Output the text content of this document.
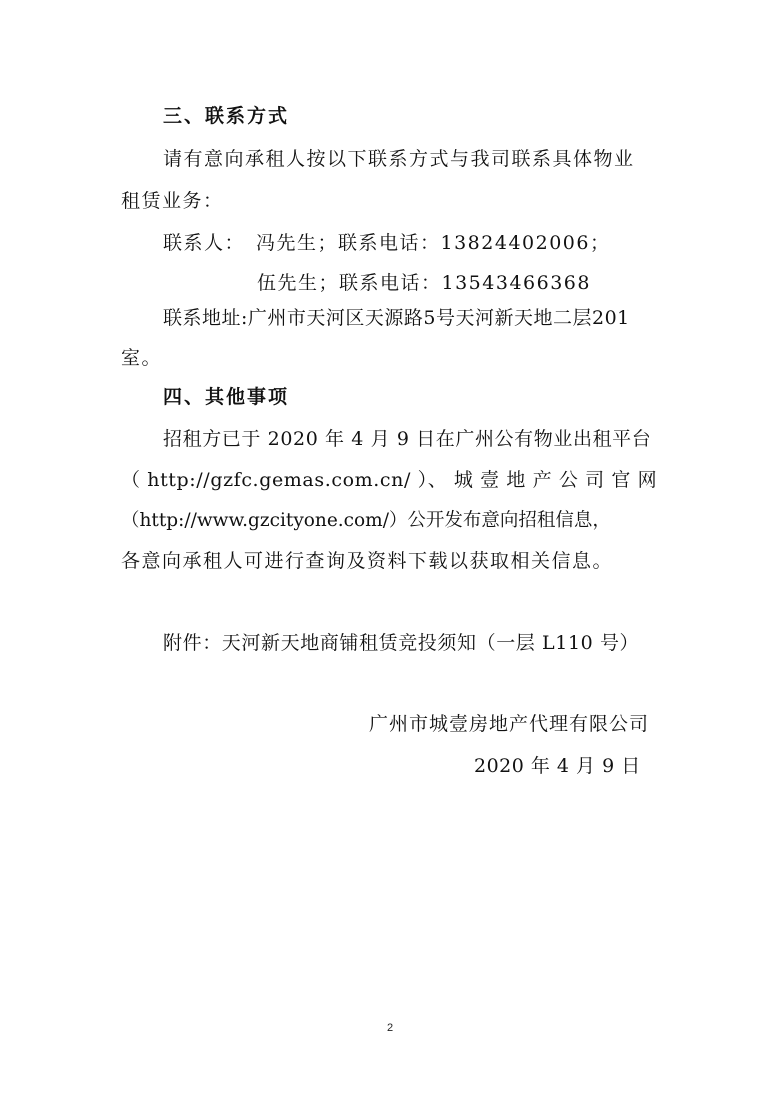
三、联系方式
请有意向承租人按以下联系方式与我司联系具体物业
租赁业务：
联系人：　冯先生；联系电话：13824402006；
伍先生；联系电话：13543466368
联系地址:广州市天河区天源路5号天河新天地二层201
室。
四、其他事项
招租方已于 2020 年 4 月 9 日在广州公有物业出租平台
（ http://gzfc.gemas.com.cn/ ）、 城 壹 地 产 公 司 官 网
（http://www.gzcityone.com/）公开发布意向招租信息，
各意向承租人可进行查询及资料下载以获取相关信息。
附件：天河新天地商铺租赁竞投须知（一层 L110 号）
广州市城壹房地产代理有限公司
2020 年 4 月 9 日
2
